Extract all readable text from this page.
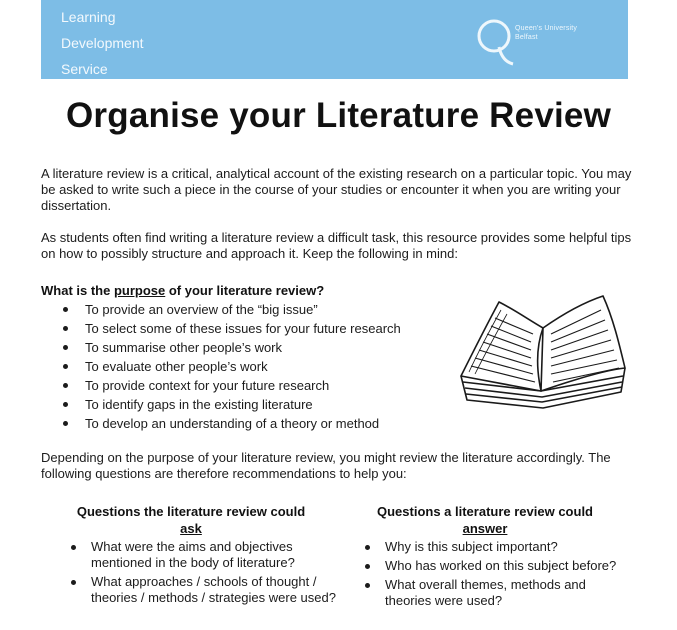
Learning
Development
Service
Queen's University
Belfast
Organise your Literature Review

A literature review is a critical, analytical account of the existing research on a particular topic. You may be asked to write such a piece in the course of your studies or encounter it when you are writing your dissertation.

As students often find writing a literature review a difficult task, this resource provides some helpful tips on how to possibly structure and approach it. Keep the following in mind:

What is the purpose of your literature review?

To provide an overview of the “big issue”
To select some of these issues for your future research
To summarise other people’s work
To evaluate other people’s work
To provide context for your future research
To identify gaps in the existing literature
To develop an understanding of a theory or method

Depending on the purpose of your literature review, you might review the literature accordingly. The following questions are therefore recommendations to help you:

Questions the literature review could
ask
Questions a literature review could
answer
What were the aims and objectives mentioned in the body of literature?
What approaches / schools of thought / theories / methods / strategies were used?
Why is this subject important?
Who has worked on this subject before?
What overall themes, methods and theories were used?
